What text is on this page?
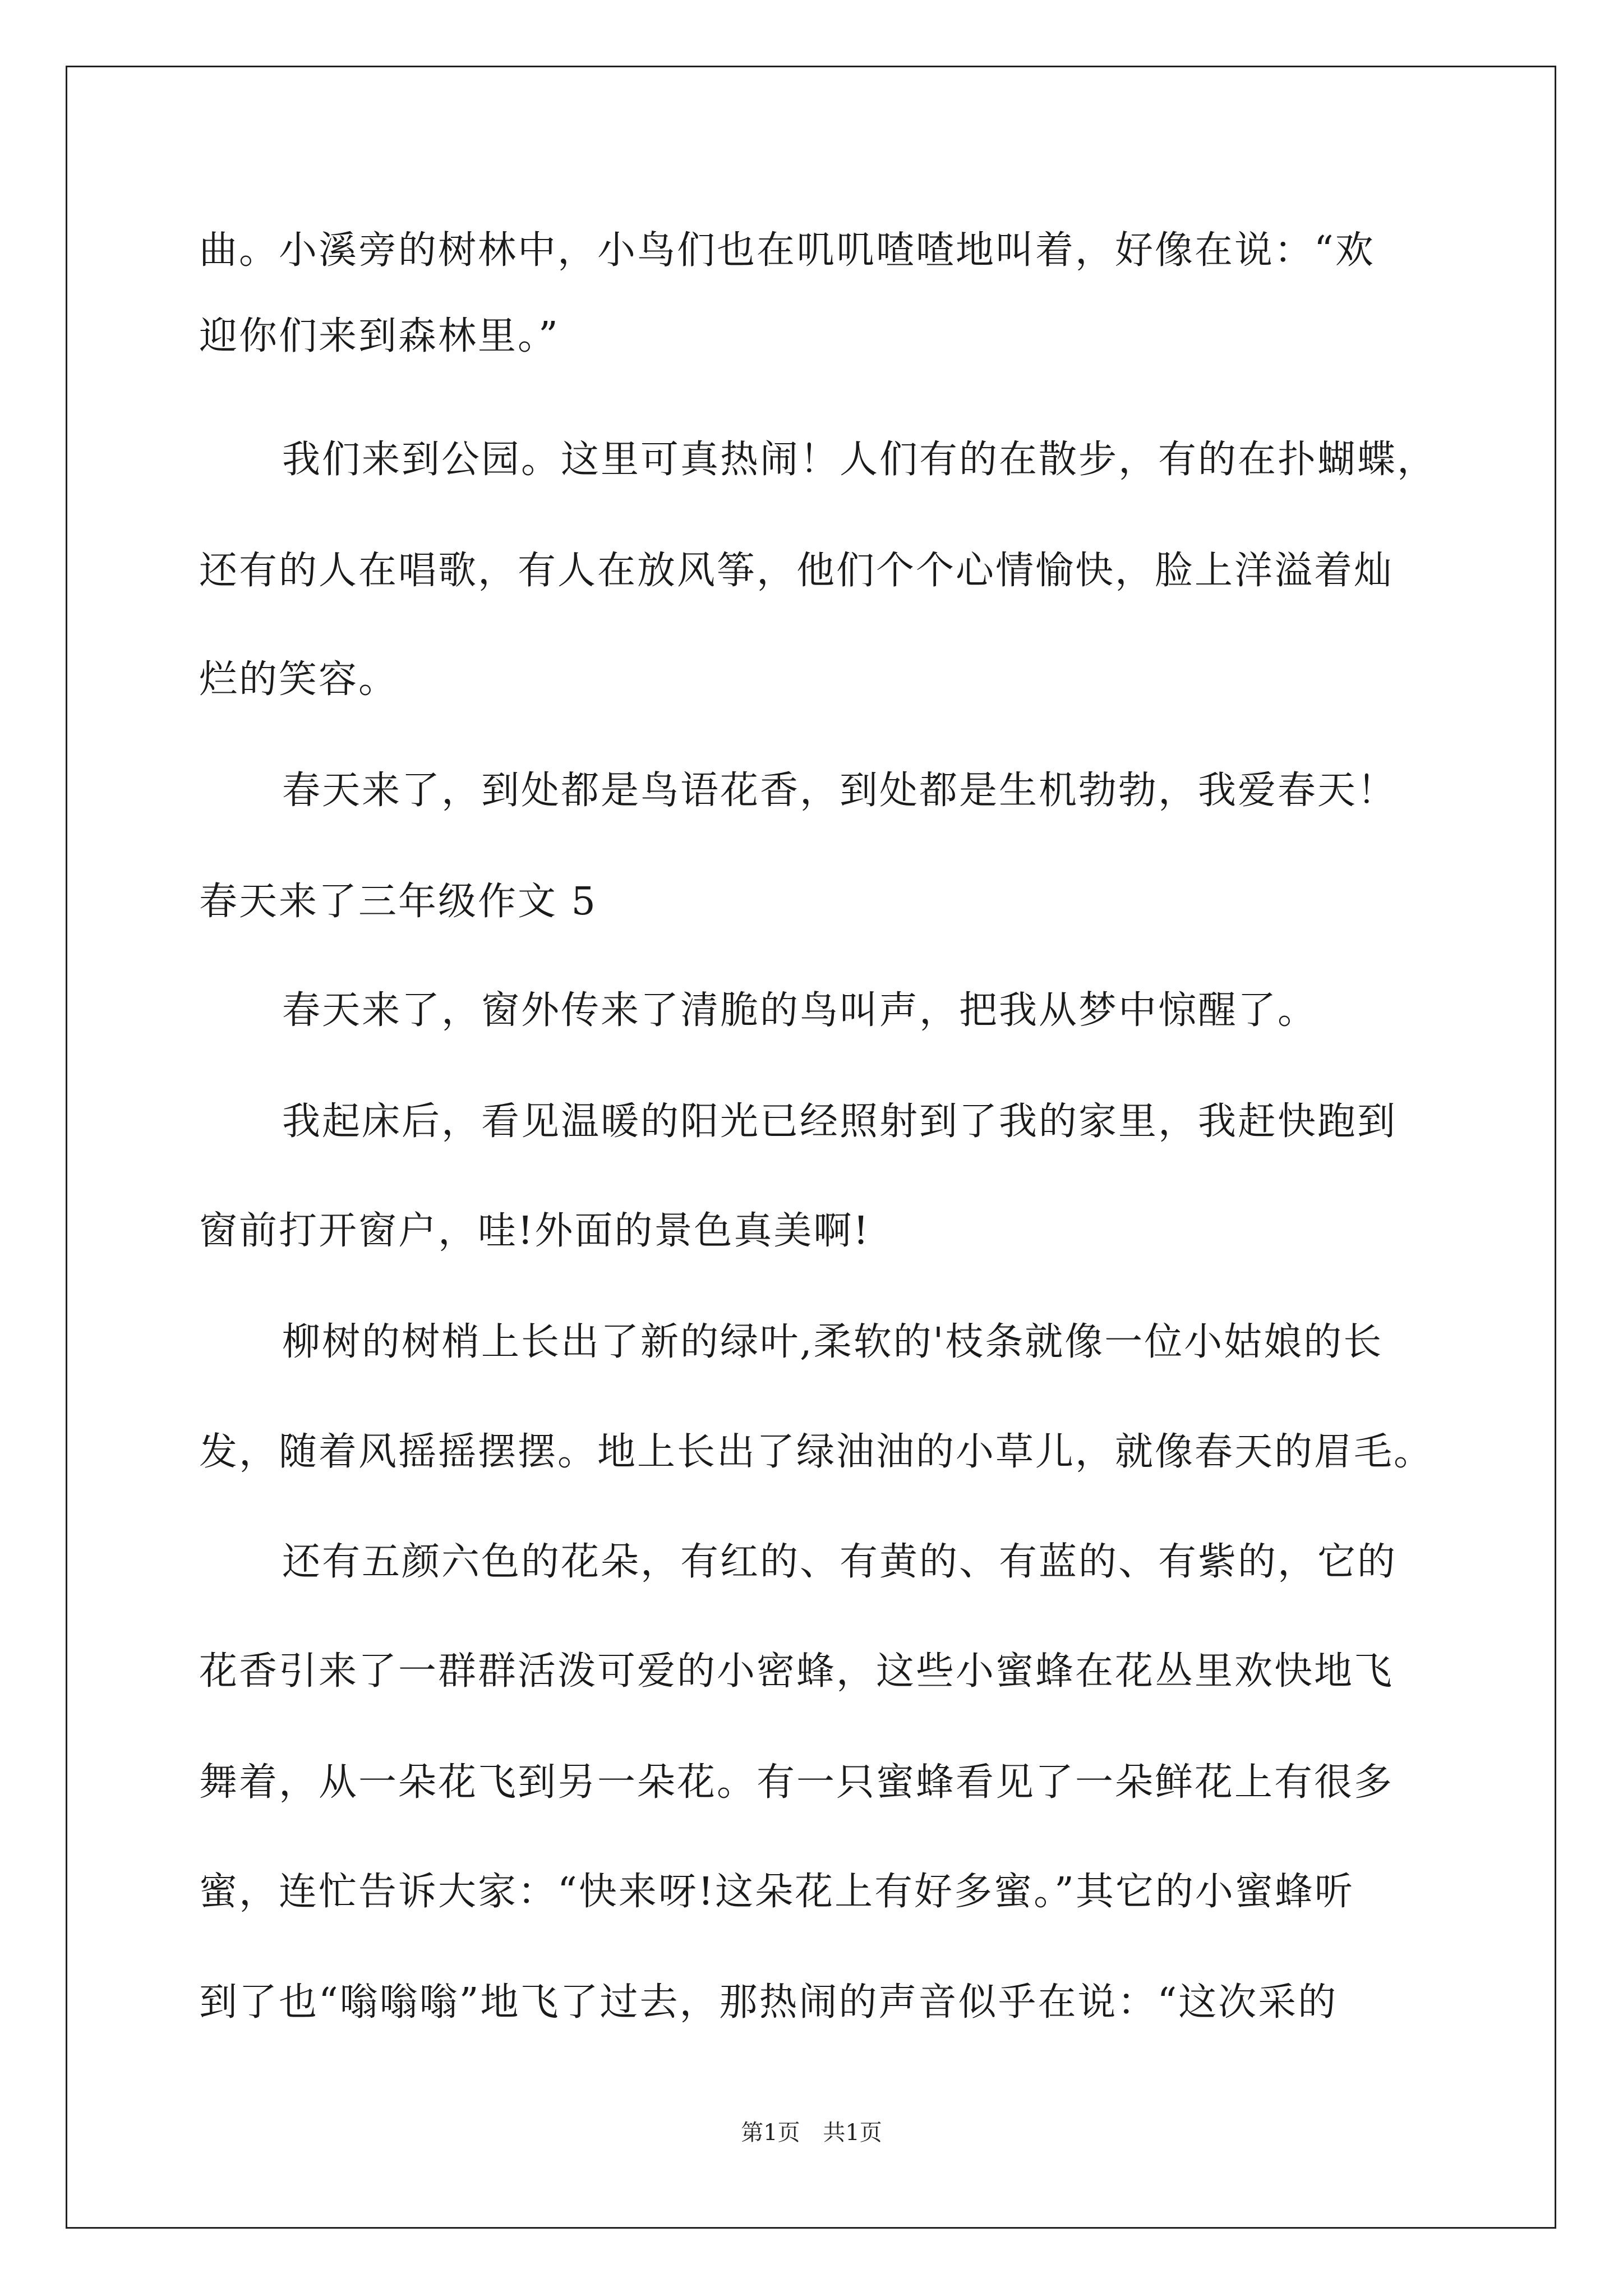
曲。小溪旁的树林中，小鸟们也在叽叽喳喳地叫着，好像在说：“欢
迎你们来到森林里。”
我们来到公园。这里可真热闹！人们有的在散步，有的在扑蝴蝶，
还有的人在唱歌，有人在放风筝，他们个个心情愉快，脸上洋溢着灿
烂的笑容。
春天来了，到处都是鸟语花香，到处都是生机勃勃，我爱春天！
春天来了三年级作文 5
春天来了，窗外传来了清脆的鸟叫声，把我从梦中惊醒了。
我起床后，看见温暖的阳光已经照射到了我的家里，我赶快跑到
窗前打开窗户，哇!外面的景色真美啊!
柳树的树梢上长出了新的绿叶,柔软的'枝条就像一位小姑娘的长
发，随着风摇摇摆摆。地上长出了绿油油的小草儿，就像春天的眉毛。
还有五颜六色的花朵，有红的、有黄的、有蓝的、有紫的，它的
花香引来了一群群活泼可爱的小密蜂，这些小蜜蜂在花丛里欢快地飞
舞着，从一朵花飞到另一朵花。有一只蜜蜂看见了一朵鲜花上有很多
蜜，连忙告诉大家：“快来呀!这朵花上有好多蜜。”其它的小蜜蜂听
到了也“嗡嗡嗡”地飞了过去，那热闹的声音似乎在说：“这次采的
第1页 共1页
